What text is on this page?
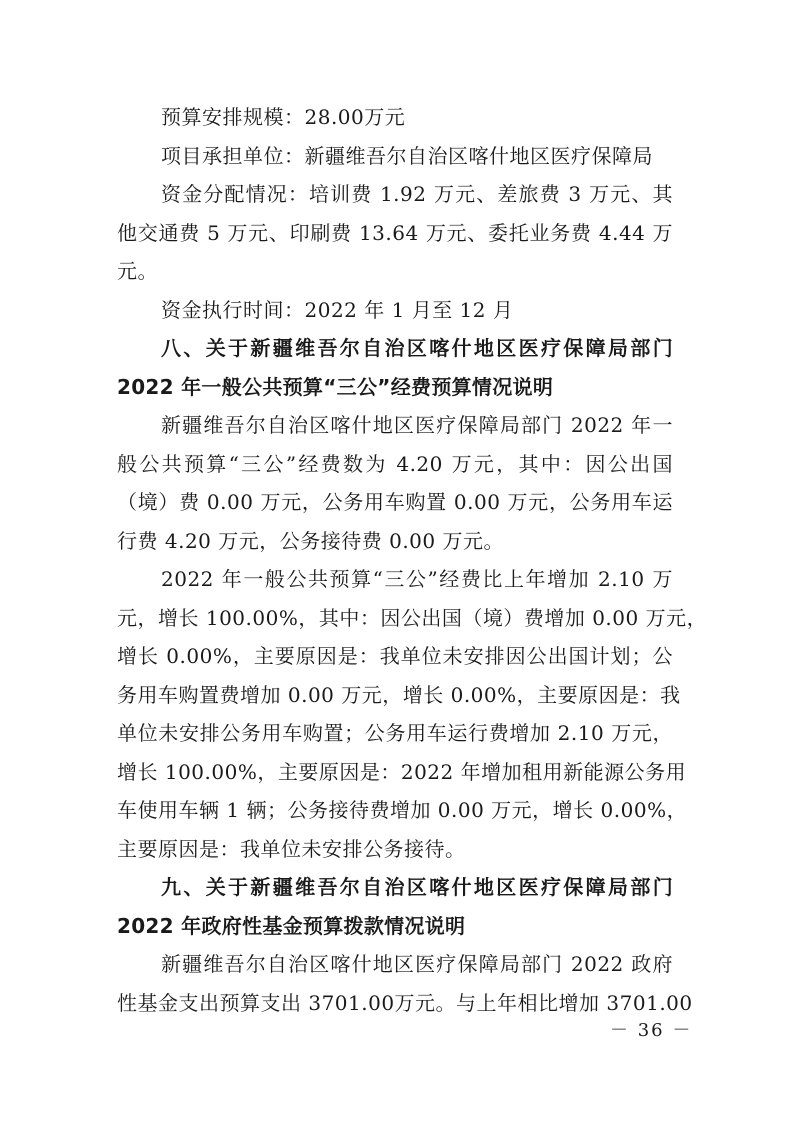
预算安排规模：28.00万元
项目承担单位：新疆维吾尔自治区喀什地区医疗保障局
资金分配情况：培训费 1.92 万元、差旅费 3 万元、其
他交通费 5 万元、印刷费 13.64 万元、委托业务费 4.44 万
元。
资金执行时间：2022 年 1 月至 12 月
八、关于新疆维吾尔自治区喀什地区医疗保障局部门
2022 年一般公共预算“三公”经费预算情况说明
新疆维吾尔自治区喀什地区医疗保障局部门 2022 年一
般公共预算“三公”经费数为 4.20 万元，其中：因公出国
（境）费 0.00 万元，公务用车购置 0.00 万元，公务用车运
行费 4.20 万元，公务接待费 0.00 万元。
2022 年一般公共预算“三公”经费比上年增加 2.10 万
元，增长 100.00%，其中：因公出国（境）费增加 0.00 万元，
增长 0.00%，主要原因是：我单位未安排因公出国计划；公
务用车购置费增加 0.00 万元，增长 0.00%，主要原因是：我
单位未安排公务用车购置；公务用车运行费增加 2.10 万元，
增长 100.00%，主要原因是：2022 年增加租用新能源公务用
车使用车辆 1 辆；公务接待费增加 0.00 万元，增长 0.00%，
主要原因是：我单位未安排公务接待。
九、关于新疆维吾尔自治区喀什地区医疗保障局部门
2022 年政府性基金预算拨款情况说明
新疆维吾尔自治区喀什地区医疗保障局部门 2022 政府
性基金支出预算支出 3701.00万元。与上年相比增加 3701.00
－ 36 －
